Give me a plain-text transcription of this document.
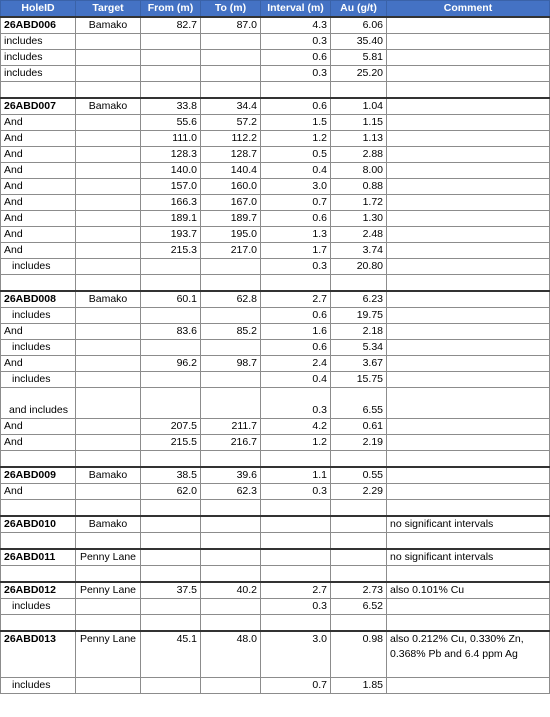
HoleID	Target	From (m)	To (m)	Interval (m)	Au (g/t)	Comment
26ABD006	Bamako	82.7	87.0	4.3	6.06	
includes				0.3	35.40	
includes				0.6	5.81	
includes				0.3	25.20	

26ABD007	Bamako	33.8	34.4	0.6	1.04	
And		55.6	57.2	1.5	1.15	
And		111.0	112.2	1.2	1.13	
And		128.3	128.7	0.5	2.88	
And		140.0	140.4	0.4	8.00	
And		157.0	160.0	3.0	0.88	
And		166.3	167.0	0.7	1.72	
And		189.1	189.7	0.6	1.30	
And		193.7	195.0	1.3	2.48	
And		215.3	217.0	1.7	3.74	
includes				0.3	20.80	

26ABD008	Bamako	60.1	62.8	2.7	6.23	
includes				0.6	19.75	
And		83.6	85.2	1.6	2.18	
includes				0.6	5.34	
And		96.2	98.7	2.4	3.67	
includes				0.4	15.75	
and includes				0.3	6.55	
And		207.5	211.7	4.2	0.61	
And		215.5	216.7	1.2	2.19	

26ABD009	Bamako	38.5	39.6	1.1	0.55	
And		62.0	62.3	0.3	2.29	

26ABD010	Bamako					no significant intervals

26ABD011	Penny Lane					no significant intervals

26ABD012	Penny Lane	37.5	40.2	2.7	2.73	also 0.101% Cu
includes				0.3	6.52	

26ABD013	Penny Lane	45.1	48.0	3.0	0.98	also 0.212% Cu, 0.330% Zn, 0.368% Pb and 6.4 ppm Ag
includes				0.7	1.85	
